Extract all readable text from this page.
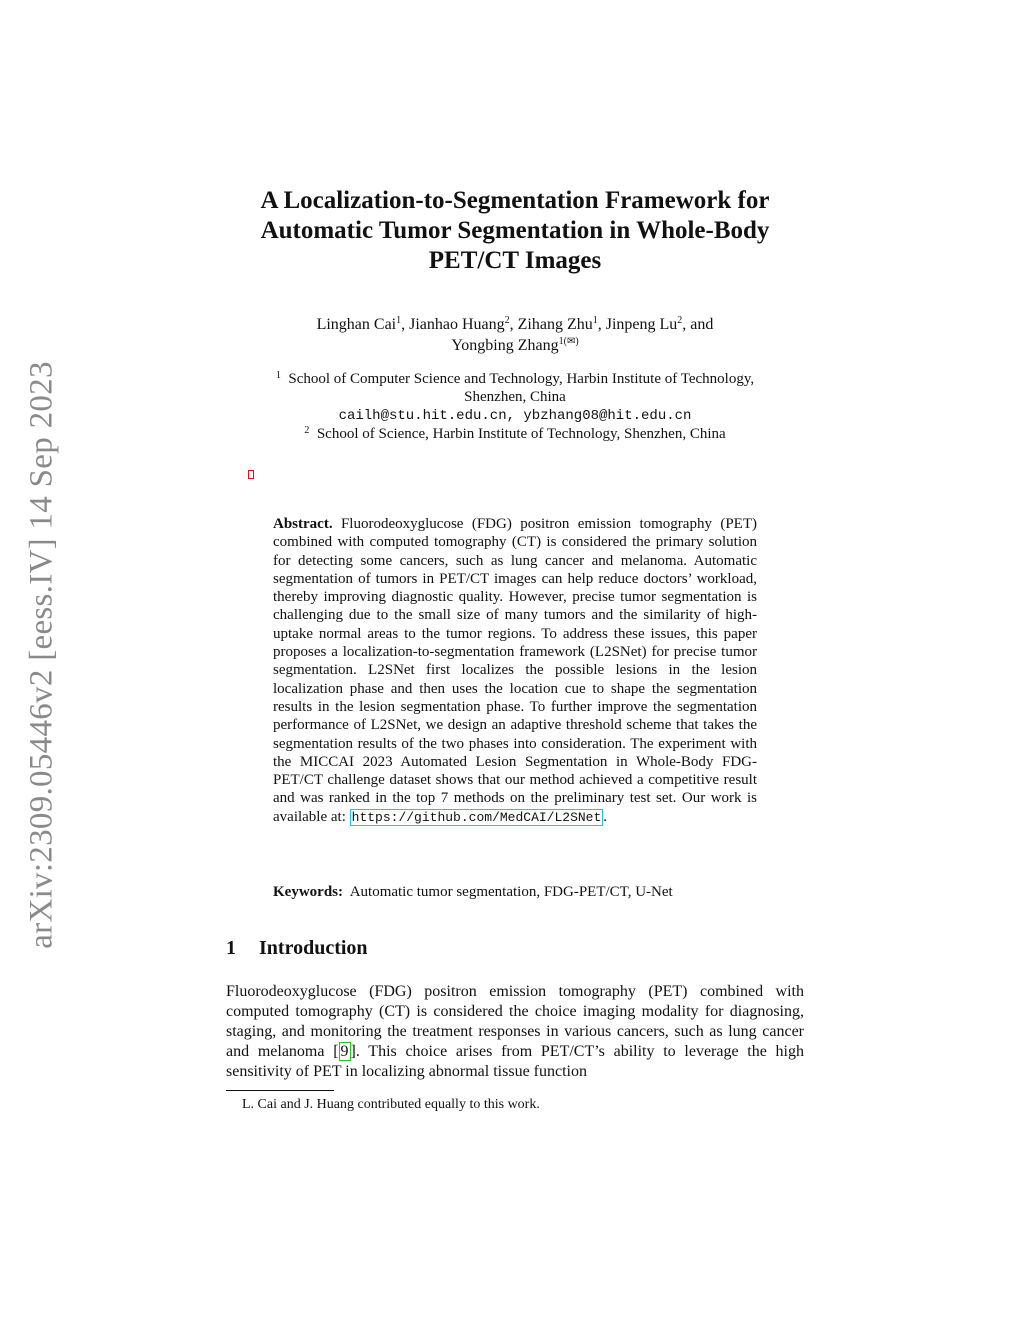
arXiv:2309.05446v2 [eess.IV] 14 Sep 2023
A Localization-to-Segmentation Framework for
Automatic Tumor Segmentation in Whole-Body
PET/CT Images
Linghan Cai$^1$, Jianhao Huang$^2$, Zihang Zhu$^1$, Jinpeng Lu$^2$, and
Yongbing Zhang$^{1(✉)}$
$^1$ School of Computer Science and Technology, Harbin Institute of Technology,
Shenzhen, China
cailh@stu.hit.edu.cn, ybzhang08@hit.edu.cn
$^2$ School of Science, Harbin Institute of Technology, Shenzhen, China
Abstract. Fluorodeoxyglucose (FDG) positron emission tomography (PET) combined with computed tomography (CT) is considered the primary solution for detecting some cancers, such as lung cancer and melanoma. Automatic segmentation of tumors in PET/CT images can help reduce doctors’ workload, thereby improving diagnostic quality. However, precise tumor segmentation is challenging due to the small size of many tumors and the similarity of high-uptake normal areas to the tumor regions. To address these issues, this paper proposes a localization-to-segmentation framework (L2SNet) for precise tumor segmentation. L2SNet first localizes the possible lesions in the lesion localization phase and then uses the location cue to shape the segmentation results in the lesion segmentation phase. To further improve the segmentation performance of L2SNet, we design an adaptive threshold scheme that takes the segmentation results of the two phases into consideration. The experiment with the MICCAI 2023 Automated Lesion Segmentation in Whole-Body FDG-PET/CT challenge dataset shows that our method achieved a competitive result and was ranked in the top 7 methods on the preliminary test set. Our work is available at: https://github.com/MedCAI/L2SNet .
Keywords: Automatic tumor segmentation, FDG-PET/CT, U-Net
1 Introduction
Fluorodeoxyglucose (FDG) positron emission tomography (PET) combined with computed tomography (CT) is considered the choice imaging modality for diagnosing, staging, and monitoring the treatment responses in various cancers, such as lung cancer and melanoma [ 9 ]. This choice arises from PET/CT’s ability to leverage the high sensitivity of PET in localizing abnormal tissue function
L. Cai and J. Huang contributed equally to this work.
